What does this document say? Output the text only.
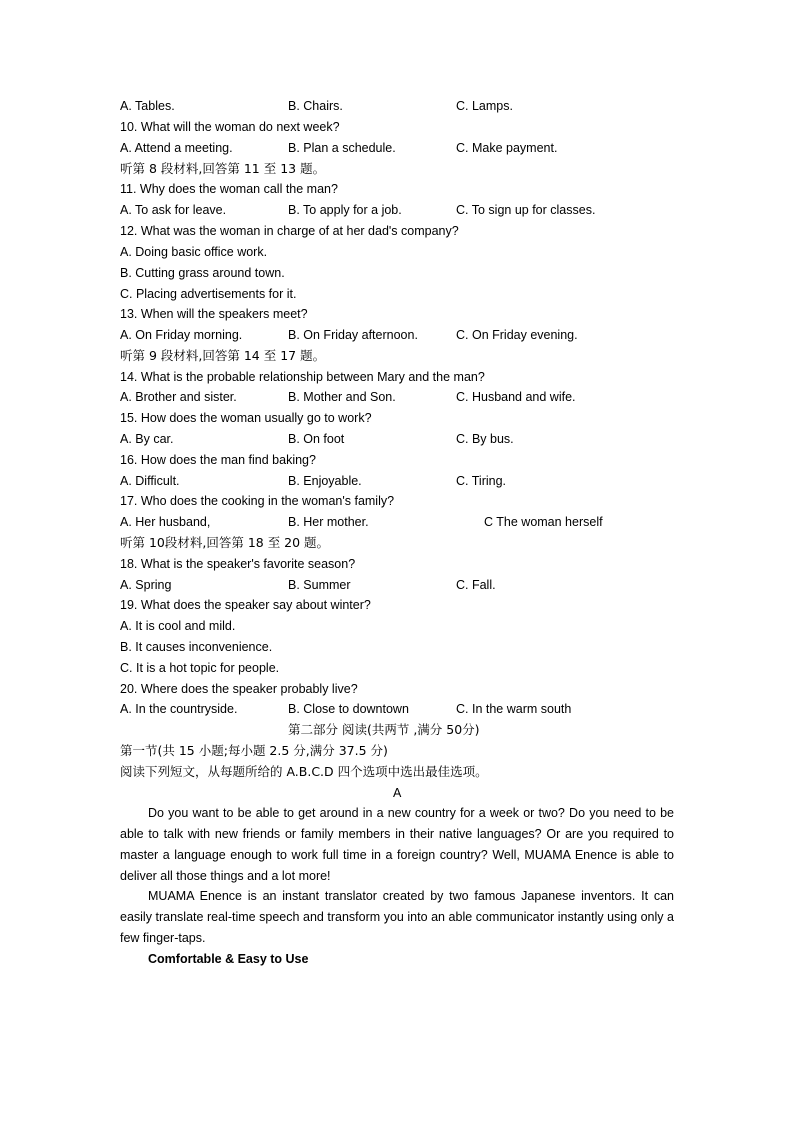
A. Tables.	B. Chairs.	C. Lamps.
10. What will the woman do next week?
A. Attend a meeting.	B. Plan a schedule.	C. Make payment.
听第 8 段材料,回答第 11 至 13 题。
11. Why does the woman call the man?
A. To ask for leave.	B. To apply for a job.	C. To sign up for classes.
12. What was the woman in charge of at her dad's company?
A. Doing basic office work.
B. Cutting grass around town.
C. Placing advertisements for it.
13. When will the speakers meet?
A. On Friday morning.	B. On Friday afternoon.	C. On Friday evening.
听第 9 段材料,回答第 14 至 17 题。
14. What is the probable relationship between Mary and the man?
A. Brother and sister.	B. Mother and Son.	C. Husband and wife.
15. How does the woman usually go to work?
A. By car.	B. On foot	C. By bus.
16. How does the man find baking?
A. Difficult.	B. Enjoyable.	C. Tiring.
17. Who does the cooking in the woman's family?
A. Her husband,	B. Her mother.	C The woman herself
听第 10段材料,回答第 18 至 20 题。
18. What is the speaker's favorite season?
A. Spring	B. Summer	C. Fall.
19. What does the speaker say about winter?
A. It is cool and mild.
B. It causes inconvenience.
C. It is a hot topic for people.
20. Where does the speaker probably live?
A. In the countryside.	B. Close to downtown	C. In the warm south
第二部分 阅读(共两节 ,满分 50分)
第一节(共 15 小题;每小题 2.5 分,满分 37.5 分)
阅读下列短文，从每题所给的 A.B.C.D 四个选项中选出最佳选项。
A
Do you want to be able to get around in a new country for a week or two? Do you need to be able to talk with new friends or family members in their native languages? Or are you required to master a language enough to work full time in a foreign country? Well, MUAMA Enence is able to deliver all those things and a lot more!
MUAMA Enence is an instant translator created by two famous Japanese inventors. It can easily translate real-time speech and transform you into an able communicator instantly using only a few finger-taps.
Comfortable & Easy to Use
